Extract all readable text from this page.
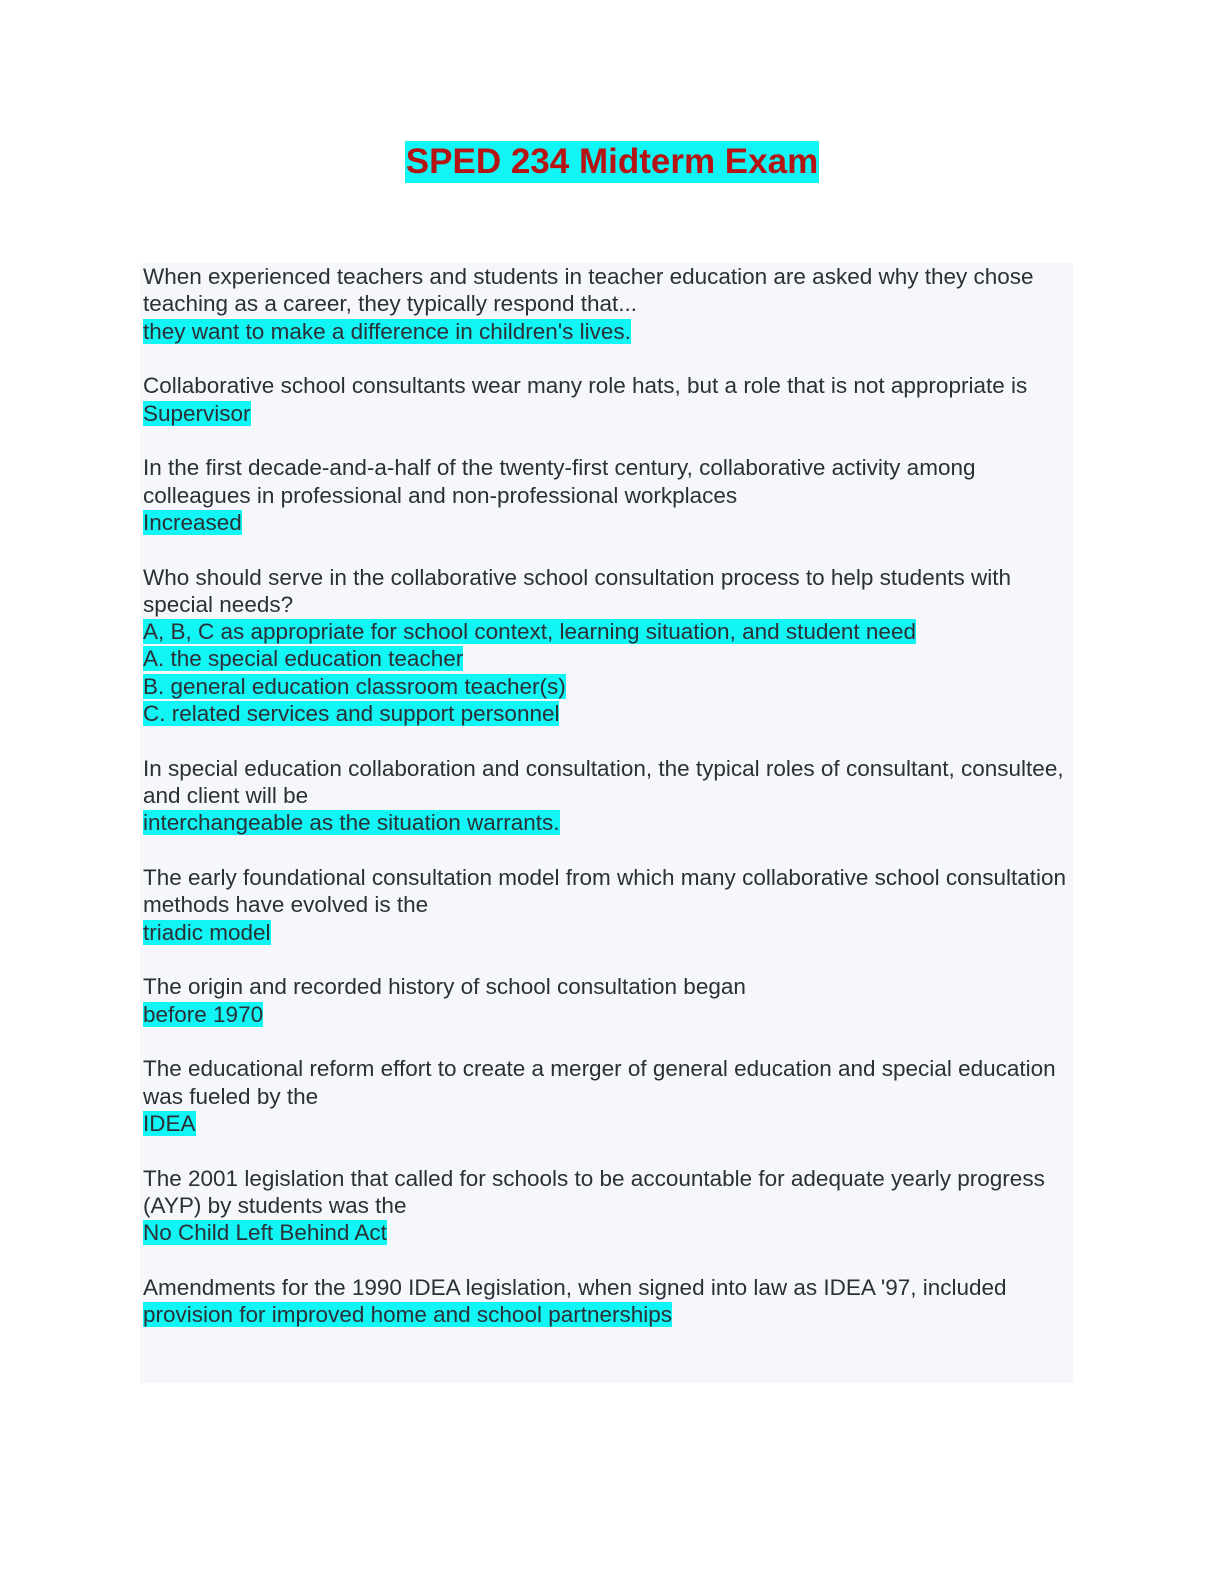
SPED 234 Midterm Exam
When experienced teachers and students in teacher education are asked why they chose teaching as a career, they typically respond that...
they want to make a difference in children's lives.
Collaborative school consultants wear many role hats, but a role that is not appropriate is
Supervisor
In the first decade-and-a-half of the twenty-first century, collaborative activity among colleagues in professional and non-professional workplaces
Increased
Who should serve in the collaborative school consultation process to help students with special needs?
A, B, C as appropriate for school context, learning situation, and student need
A. the special education teacher
B. general education classroom teacher(s)
C. related services and support personnel
In special education collaboration and consultation, the typical roles of consultant, consultee, and client will be
interchangeable as the situation warrants.
The early foundational consultation model from which many collaborative school consultation methods have evolved is the
triadic model
The origin and recorded history of school consultation began
before 1970
The educational reform effort to create a merger of general education and special education was fueled by the
IDEA
The 2001 legislation that called for schools to be accountable for adequate yearly progress (AYP) by students was the
No Child Left Behind Act
Amendments for the 1990 IDEA legislation, when signed into law as IDEA '97, included
provision for improved home and school partnerships
